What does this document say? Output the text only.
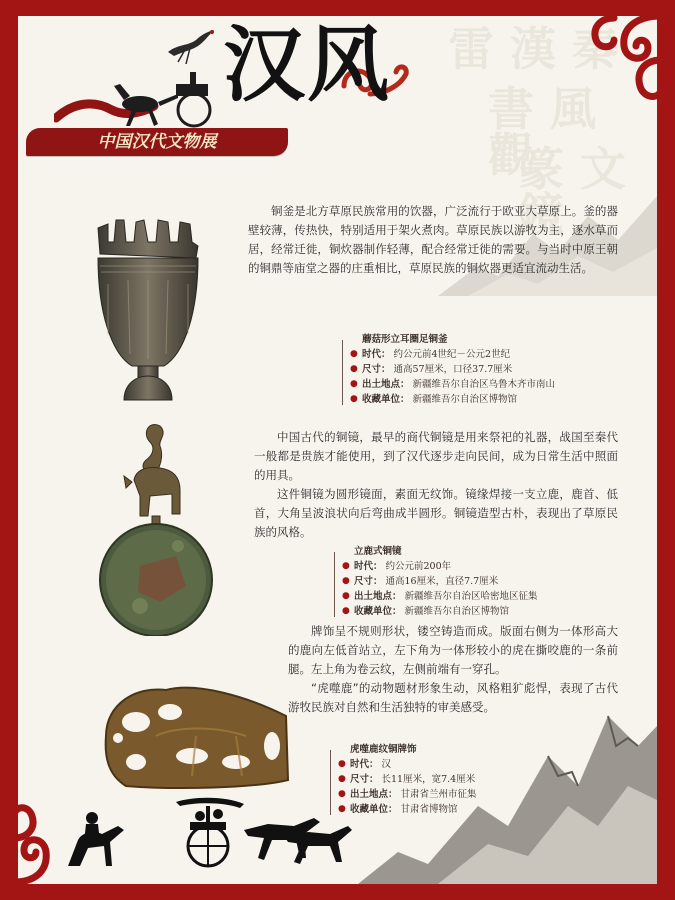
雷 漢 秦
書 風 觀
篆 文 鏡
汉风
中国汉代文物展

铜釜是北方草原民族常用的饮器，广泛流行于欧亚大草原上。釜的器壁较薄，传热快，特别适用于架火煮肉。草原民族以游牧为主，逐水草而居，经常迁徙，铜炊器制作轻薄，配合经常迁徙的需要。与当时中原王朝的铜鼎等庙堂之器的庄重相比，草原民族的铜炊器更适宜流动生活。

蘑菇形立耳圈足铜釜
● 时代： 约公元前4世纪－公元2世纪
● 尺寸： 通高57厘米，口径37.7厘米
● 出土地点： 新疆维吾尔自治区乌鲁木齐市南山
● 收藏单位： 新疆维吾尔自治区博物馆

中国古代的铜镜，最早的商代铜镜是用来祭祀的礼器，战国至秦代一般都是贵族才能使用，到了汉代逐步走向民间，成为日常生活中照面的用具。

这件铜镜为圆形镜面，素面无纹饰。镜缘焊接一支立鹿，鹿首、低首，大角呈波浪状向后弯曲成半圆形。铜镜造型古朴，表现出了草原民族的风格。

立鹿式铜镜
● 时代： 约公元前200年
● 尺寸： 通高16厘米，直径7.7厘米
● 出土地点： 新疆维吾尔自治区哈密地区征集
● 收藏单位： 新疆维吾尔自治区博物馆

牌饰呈不规则形状，镂空铸造而成。版面右侧为一体形高大的鹿向左低首站立，左下角为一体形较小的虎在撕咬鹿的一条前腿。左上角为卷云纹，左侧前端有一穿孔。

“虎噬鹿”的动物题材形象生动，风格粗犷彪悍，表现了古代游牧民族对自然和生活独特的审美感受。

虎噬鹿纹铜牌饰
● 时代： 汉
● 尺寸： 长11厘米，宽7.4厘米
● 出土地点： 甘肃省兰州市征集
● 收藏单位： 甘肃省博物馆
